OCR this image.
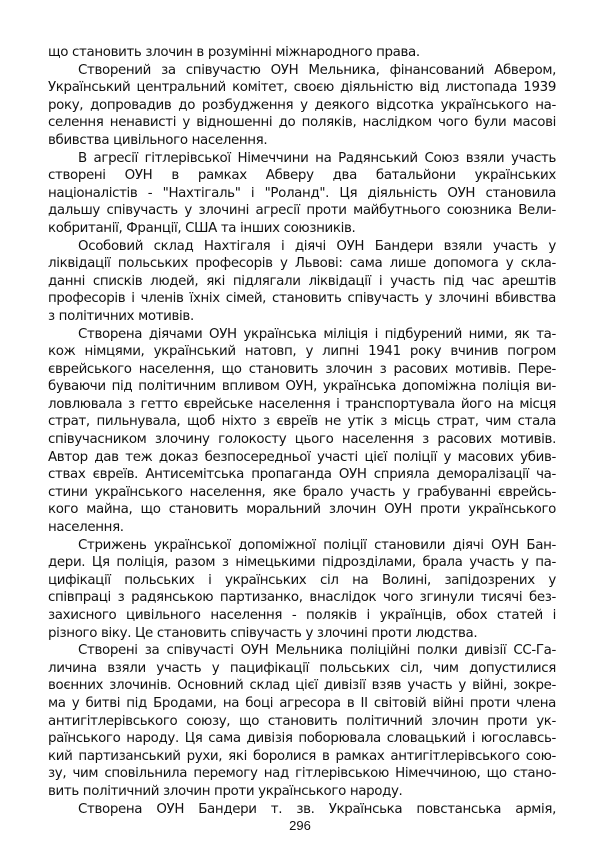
що становить злочин в розумінні міжнародного права.
Створений за співучастю ОУН Мельника, фінансований Абвером,
Український центральний комітет, своєю діяльністю від листопада 1939
року, допровадив до розбудження у деякого відсотка українського на-
селення ненависті у відношенні до поляків, наслідком чого були масові
вбивства цивільного населення.
В агресії гітлерівської Німеччини на Радянський Союз взяли участь
створені ОУН в рамках Абверу два батальйони українських
націоналістів - "Нахтігаль" і "Роланд". Ця діяльність ОУН становила
дальшу співучасть у злочині агресії проти майбутнього союзника Вели-
кобританії, Франції, США та інших союзників.
Особовий склад Нахтігаля і діячі ОУН Бандери взяли участь у
ліквідації польських професорів у Львові: сама лише допомога у скла-
данні списків людей, які підлягали ліквідації і участь під час арештів
професорів і членів їхніх сімей, становить співучасть у злочині вбивства
з політичних мотивів.
Створена діячами ОУН українська міліція і підбурений ними, як та-
кож німцями, український натовп, у липні 1941 року вчинив погром
єврейського населення, що становить злочин з расових мотивів. Пере-
буваючи під політичним впливом ОУН, українська допоміжна поліція ви-
ловлювала з гетто єврейське населення і транспортувала його на місця
страт, пильнувала, щоб ніхто з євреїв не утік з місць страт, чим стала
співучасником злочину голокосту цього населення з расових мотивів.
Автор дав теж доказ безпосередньої участі цієї поліції у масових убив-
ствах євреїв. Антисемітська пропаганда ОУН сприяла деморалізації ча-
стини українського населення, яке брало участь у грабуванні єврейсь-
кого майна, що становить моральний злочин ОУН проти українського
населення.
Стрижень української допоміжної поліції становили діячі ОУН Бан-
дери. Ця поліція, разом з німецькими підрозділами, брала участь у па-
цифікації польських і українських сіл на Волині, запідозрених у
співпраці з радянською партизанко, внаслідок чого згинули тисячі без-
захисного цивільного населення - поляків і українців, обох статей і
різного віку. Це становить співучасть у злочині проти людства.
Створені за співучасті ОУН Мельника поліційні полки дивізії СС-Га-
личина взяли участь у пацифікації польських сіл, чим допустилися
воєнних злочинів. Основний склад цієї дивізії взяв участь у війні, зокре-
ма у битві під Бродами, на боці агресора в II світовій війні проти члена
антигітлерівського союзу, що становить політичний злочин проти ук-
раїнського народу. Ця сама дивізія поборювала словацький і югославсь-
кий партизанський рухи, які боролися в рамках антигітлерівського сою-
зу, чим сповільнила перемогу над гітлерівською Німеччиною, що стано-
вить політичний злочин проти українського народу.
Створена ОУН Бандери т. зв. Українська повстанська армія,
296
